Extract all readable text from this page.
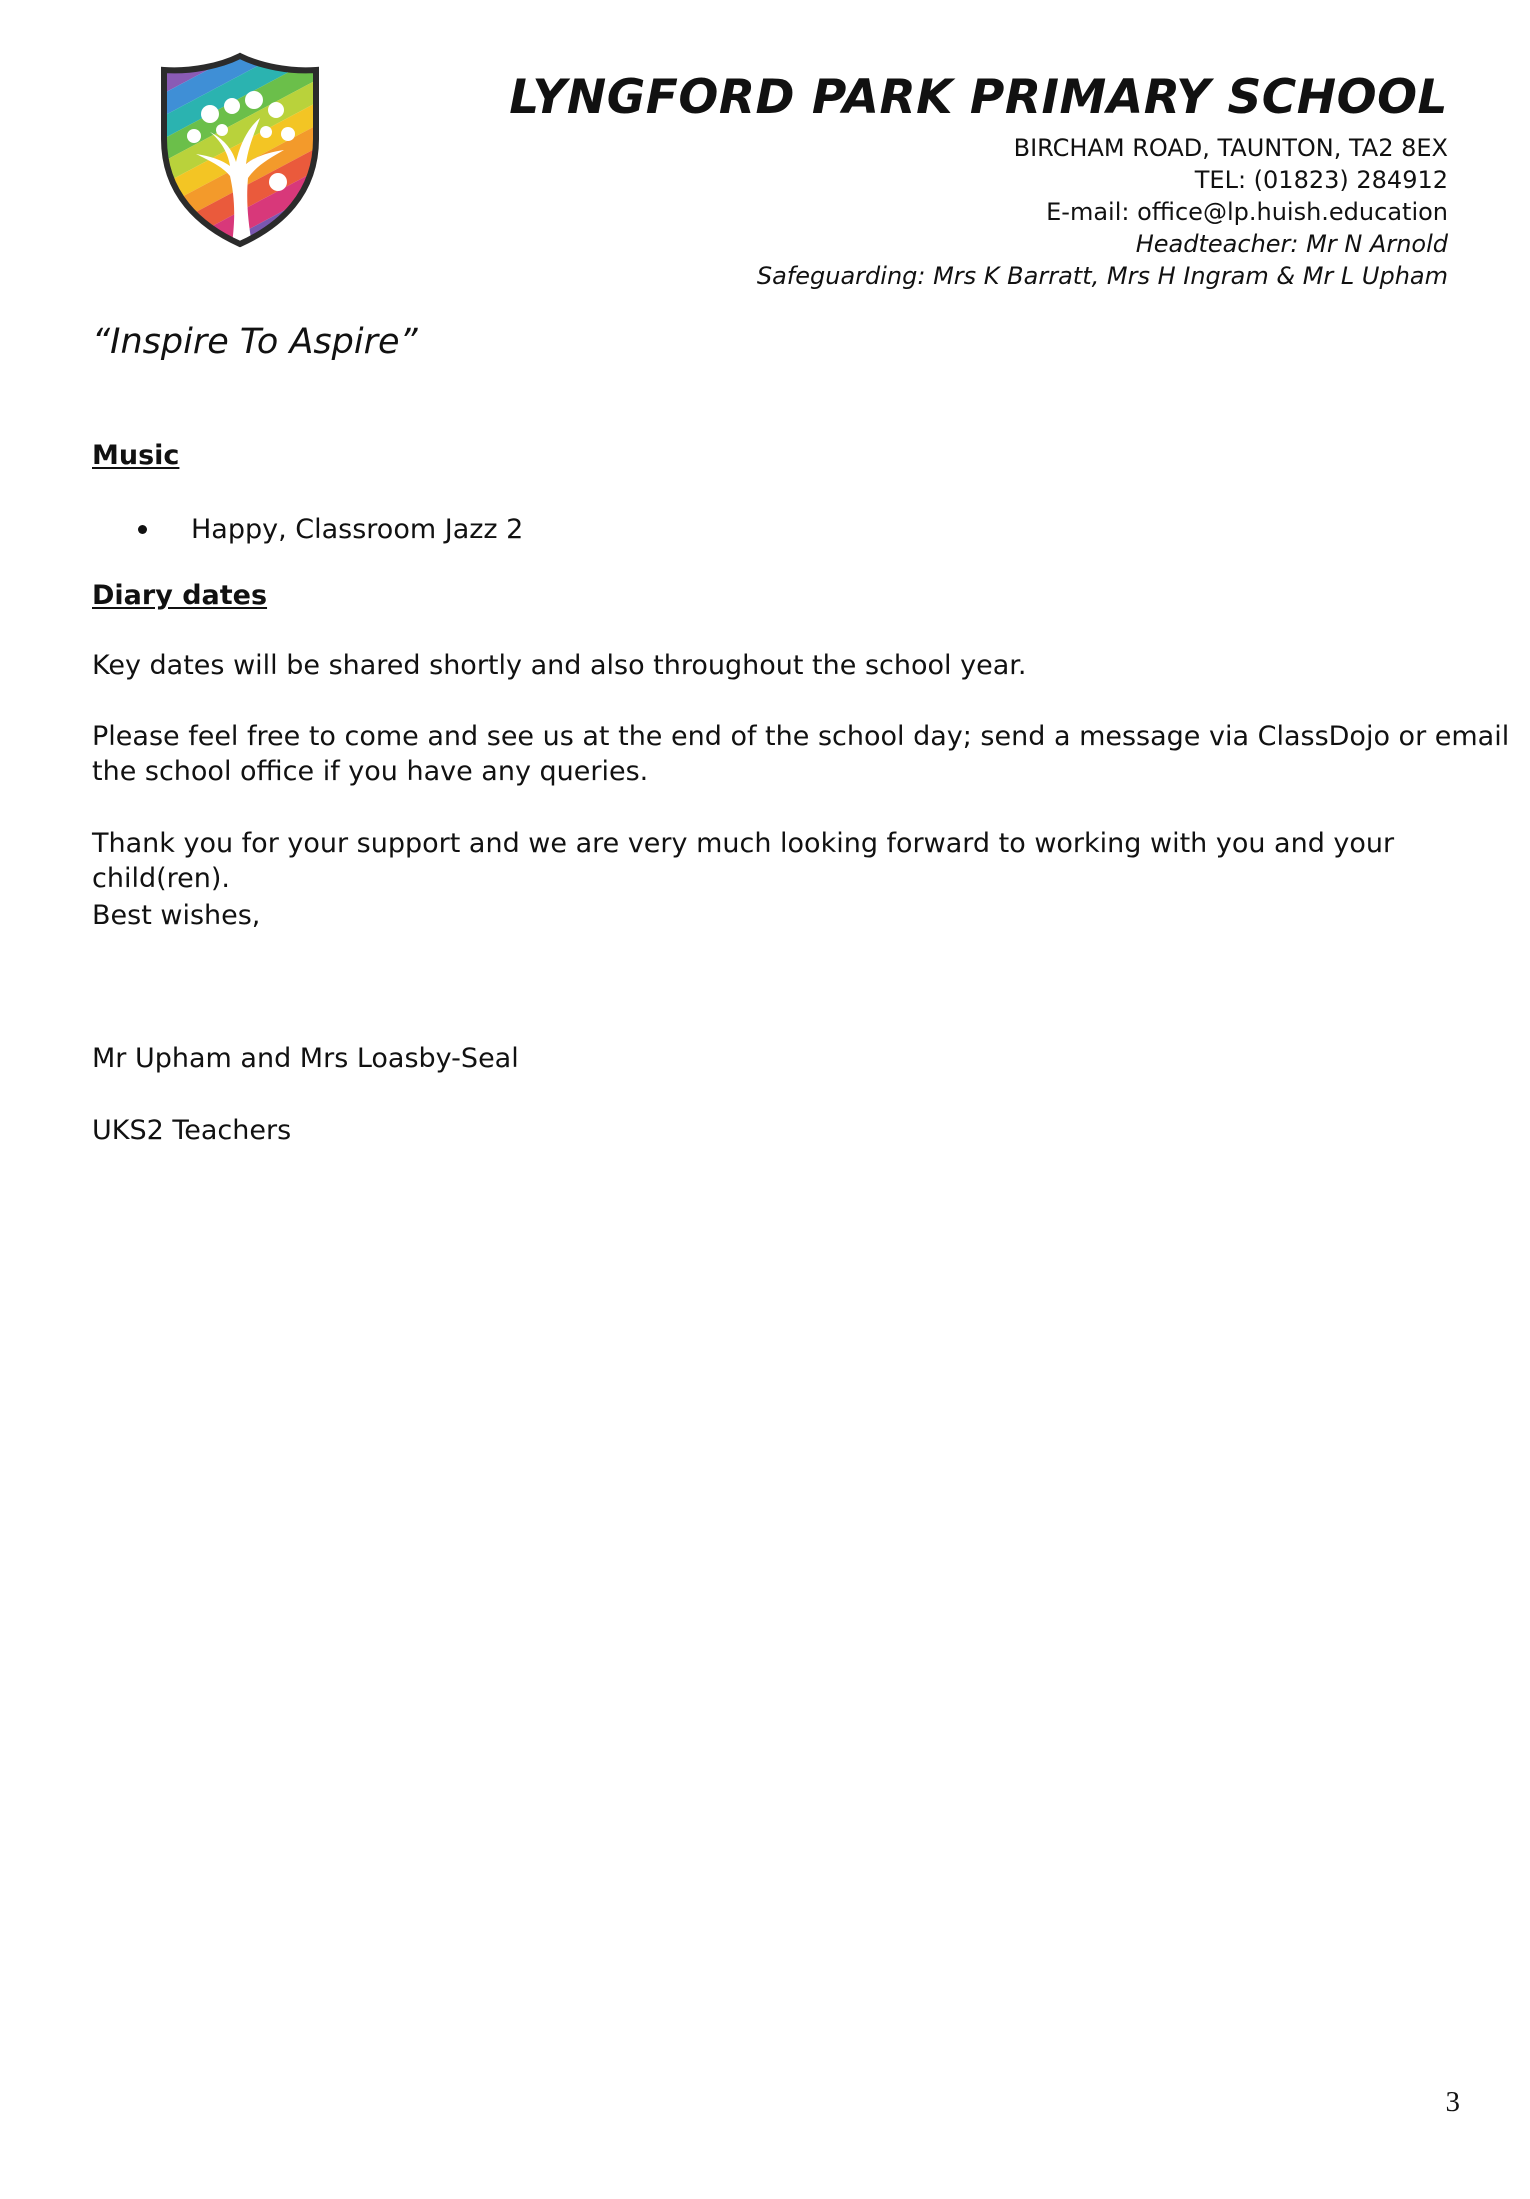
LYNGFORD PARK PRIMARY SCHOOL
BIRCHAM ROAD, TAUNTON, TA2 8EX
TEL: (01823) 284912
E-mail: office@lp.huish.education
Headteacher: Mr N Arnold
Safeguarding: Mrs K Barratt, Mrs H Ingram & Mr L Upham
“Inspire To Aspire”
Music
Happy, Classroom Jazz 2
Diary dates
Key dates will be shared shortly and also throughout the school year.
Please feel free to come and see us at the end of the school day; send a message via ClassDojo or email
the school office if you have any queries.
Thank you for your support and we are very much looking forward to working with you and your child(ren).
Best wishes,
Mr Upham and Mrs Loasby-Seal
UKS2 Teachers
3
